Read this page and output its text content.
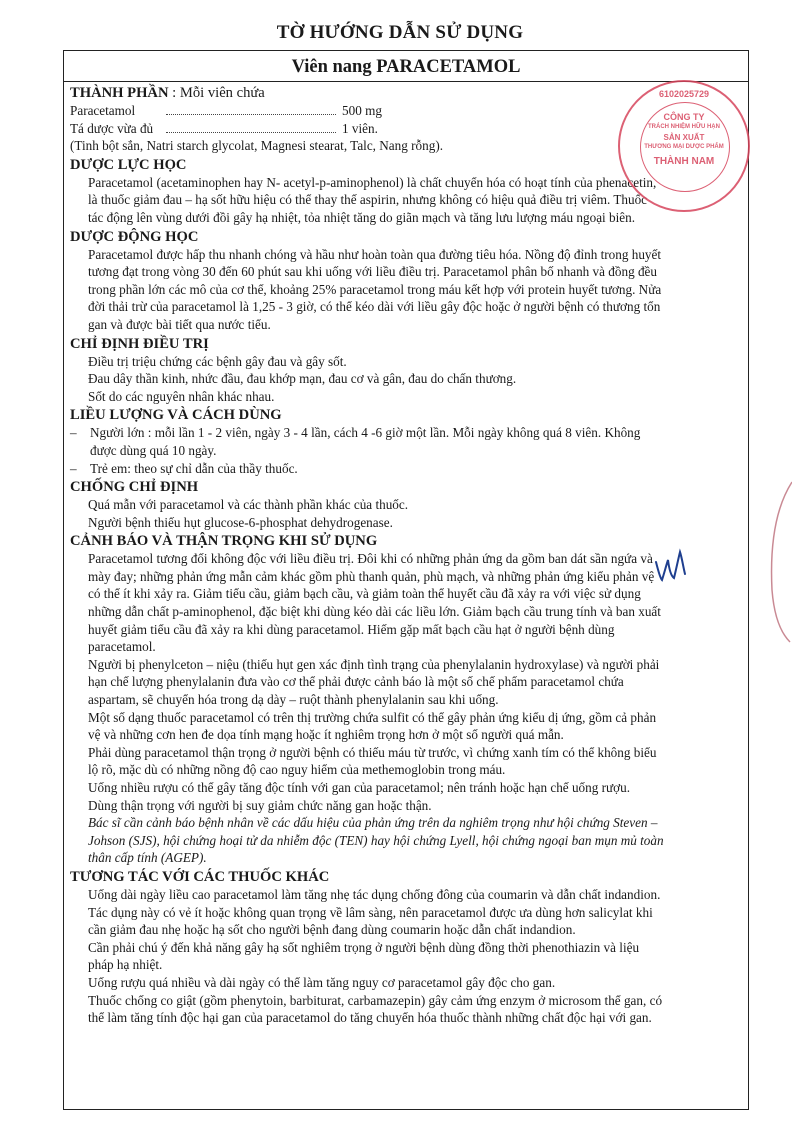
TỜ HƯỚNG DẪN SỬ DỤNG
Viên nang PARACETAMOL
THÀNH PHẦN : Mỗi viên chứa
Paracetamol	500 mg
Tá dược vừa đủ	1 viên.
(Tinh bột sắn, Natri starch glycolat, Magnesi stearat, Talc, Nang rỗng).
DƯỢC LỰC HỌC
Paracetamol (acetaminophen hay N- acetyl-p-aminophenol) là chất chuyển hóa có hoạt tính của phenacetin,
là thuốc giảm đau – hạ sốt hữu hiệu có thể thay thế aspirin, nhưng không có hiệu quả điều trị viêm. Thuốc
tác động lên vùng dưới đồi gây hạ nhiệt, tỏa nhiệt tăng do giãn mạch và tăng lưu lượng máu ngoại biên.
DƯỢC ĐỘNG HỌC
Paracetamol được hấp thu nhanh chóng và hầu như hoàn toàn qua đường tiêu hóa. Nồng độ đỉnh trong huyết
tương đạt trong vòng 30 đến 60 phút sau khi uống với liều điều trị. Paracetamol phân bố nhanh và đồng đều
trong phần lớn các mô của cơ thể, khoảng 25% paracetamol trong máu kết hợp với protein huyết tương. Nửa
đời thải trừ của paracetamol là 1,25 - 3 giờ, có thể kéo dài với liều gây độc hoặc ở người bệnh có thương tổn
gan và được bài tiết qua nước tiểu.
CHỈ ĐỊNH ĐIỀU TRỊ
Điều trị triệu chứng các bệnh gây đau và gây sốt.
Đau dây thần kinh, nhức đầu, đau khớp mạn, đau cơ và gân, đau do chấn thương.
Sốt do các nguyên nhân khác nhau.
LIỀU LƯỢNG VÀ CÁCH DÙNG
–	Người lớn : mỗi lần 1 - 2 viên, ngày 3 - 4 lần, cách 4 -6 giờ một lần. Mỗi ngày không quá 8 viên. Không
được dùng quá 10 ngày.
–	Trẻ em: theo sự chỉ dẫn của thầy thuốc.
CHỐNG CHỈ ĐỊNH
Quá mẫn với paracetamol và các thành phần khác của thuốc.
Người bệnh thiếu hụt glucose-6-phosphat dehydrogenase.
CẢNH BÁO VÀ THẬN TRỌNG KHI SỬ DỤNG
Paracetamol tương đối không độc với liều điều trị. Đôi khi có những phản ứng da gồm ban dát sần ngứa và
mày đay; những phản ứng mẫn cảm khác gồm phù thanh quản, phù mạch, và những phản ứng kiểu phản vệ
có thể ít khi xảy ra. Giảm tiểu cầu, giảm bạch cầu, và giảm toàn thể huyết cầu đã xảy ra với việc sử dụng
những dẫn chất p-aminophenol, đặc biệt khi dùng kéo dài các liều lớn. Giảm bạch cầu trung tính và ban xuất
huyết giảm tiểu cầu đã xảy ra khi dùng paracetamol. Hiếm gặp mất bạch cầu hạt ở người bệnh dùng
paracetamol.
Người bị phenylceton – niệu (thiếu hụt gen xác định tình trạng của phenylalanin hydroxylase) và người phải
hạn chế lượng phenylalanin đưa vào cơ thể phải được cảnh báo là một số chế phẩm paracetamol chứa
aspartam, sẽ chuyển hóa trong dạ dày – ruột thành phenylalanin sau khi uống.
Một số dạng thuốc paracetamol có trên thị trường chứa sulfit có thể gây phản ứng kiểu dị ứng, gồm cả phản
vệ và những cơn hen đe dọa tính mạng hoặc ít nghiêm trọng hơn ở một số người quá mẫn.
Phải dùng paracetamol thận trọng ở người bệnh có thiếu máu từ trước, vì chứng xanh tím có thể không biểu
lộ rõ, mặc dù có những nồng độ cao nguy hiểm của methemoglobin trong máu.
Uống nhiều rượu có thể gây tăng độc tính với gan của paracetamol; nên tránh hoặc hạn chế uống rượu.
Dùng thận trọng với người bị suy giảm chức năng gan hoặc thận.
Bác sĩ cần cảnh báo bệnh nhân về các dấu hiệu của phản ứng trên da nghiêm trọng như hội chứng Steven –
Johson (SJS), hội chứng hoại tử da nhiễm độc (TEN) hay hội chứng Lyell, hội chứng ngoại ban mụn mủ toàn
thân cấp tính (AGEP).
TƯƠNG TÁC VỚI CÁC THUỐC KHÁC
Uống dài ngày liều cao paracetamol làm tăng nhẹ tác dụng chống đông của coumarin và dẫn chất indandion.
Tác dụng này có vẻ ít hoặc không quan trọng về lâm sàng, nên paracetamol được ưa dùng hơn salicylat khi
cần giảm đau nhẹ hoặc hạ sốt cho người bệnh đang dùng coumarin hoặc dẫn chất indandion.
Cần phải chú ý đến khả năng gây hạ sốt nghiêm trọng ở người bệnh dùng đồng thời phenothiazin và liệu
pháp hạ nhiệt.
Uống rượu quá nhiều và dài ngày có thể làm tăng nguy cơ paracetamol gây độc cho gan.
Thuốc chống co giật (gồm phenytoin, barbiturat, carbamazepin) gây cảm ứng enzym ở microsom thể gan, có
thể làm tăng tính độc hại gan của paracetamol do tăng chuyển hóa thuốc thành những chất độc hại với gan.
6102025729
CÔNG TY
TRÁCH NHIỆM HỮU HẠN
SẢN XUẤT
THƯƠNG MẠI DƯỢC PHẨM
THÀNH NAM
